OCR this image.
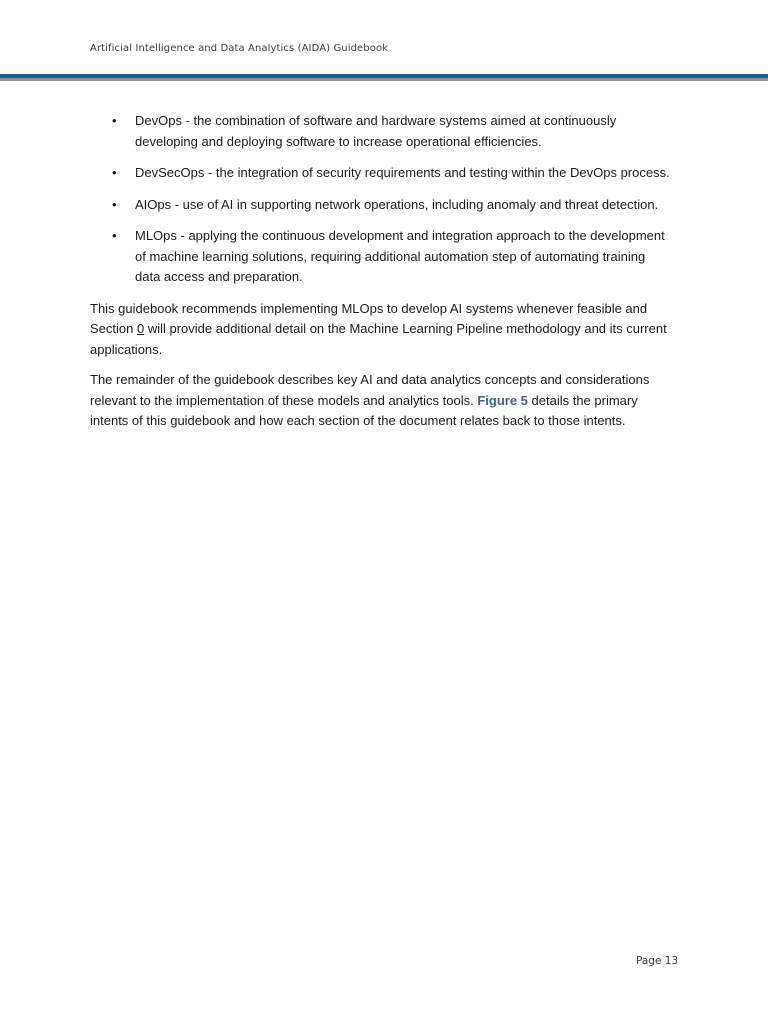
Artificial Intelligence and Data Analytics (AIDA) Guidebook
• DevOps - the combination of software and hardware systems aimed at continuously developing and deploying software to increase operational efficiencies.
• DevSecOps - the integration of security requirements and testing within the DevOps process.
• AIOps - use of AI in supporting network operations, including anomaly and threat detection.
• MLOps - applying the continuous development and integration approach to the development of machine learning solutions, requiring additional automation step of automating training data access and preparation.

This guidebook recommends implementing MLOps to develop AI systems whenever feasible and Section 0 will provide additional detail on the Machine Learning Pipeline methodology and its current applications.

The remainder of the guidebook describes key AI and data analytics concepts and considerations relevant to the implementation of these models and analytics tools. Figure 5 details the primary intents of this guidebook and how each section of the document relates back to those intents.

Page 13
